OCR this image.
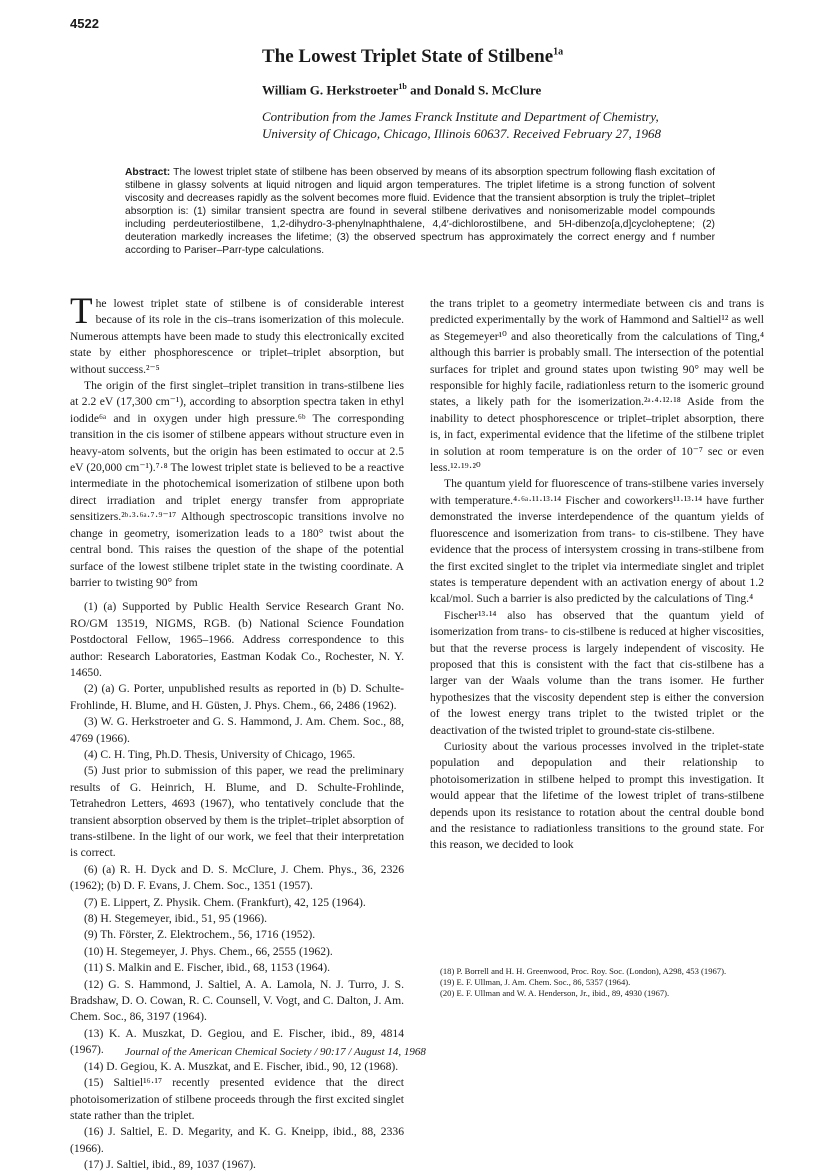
4522
The Lowest Triplet State of Stilbene$^{1a}$
William G. Herkstroeter$^{1b}$ and Donald S. McClure

Contribution from the James Franck Institute and Department of Chemistry,
University of Chicago, Chicago, Illinois 60637. Received February 27, 1968

Abstract: The lowest triplet state of stilbene has been observed by means of its absorption spectrum following flash excitation of stilbene in glassy solvents at liquid nitrogen and liquid argon temperatures. The triplet lifetime is a strong function of solvent viscosity and decreases rapidly as the solvent becomes more fluid. Evidence that the transient absorption is truly the triplet–triplet absorption is: (1) similar transient spectra are found in several stilbene derivatives and nonisomerizable model compounds including perdeuteriostilbene, 1,2-dihydro-3-phenylnaphthalene, 4,4′-dichlorostilbene, and 5H-dibenzo[a,d]cycloheptene; (2) deuteration markedly increases the lifetime; (3) the observed spectrum has approximately the correct energy and f number according to Pariser–Parr-type calculations.

The lowest triplet state of stilbene is of considerable interest because of its role in the cis–trans isomerization of this molecule. Numerous attempts have been made to study this electronically excited state by either phosphorescence or triplet–triplet absorption, but without success.²⁻⁵

The origin of the first singlet–triplet transition in trans-stilbene lies at 2.2 eV (17,300 cm⁻¹), according to absorption spectra taken in ethyl iodide⁶ᵃ and in oxygen under high pressure.⁶ᵇ The corresponding transition in the cis isomer of stilbene appears without structure even in heavy-atom solvents, but the origin has been estimated to occur at 2.5 eV (20,000 cm⁻¹).⁷·⁸ The lowest triplet state is believed to be a reactive intermediate in the photochemical isomerization of stilbene upon both direct irradiation and triplet energy transfer from appropriate sensitizers.²ᵇ·³·⁶ᵃ·⁷·⁹⁻¹⁷ Although spectroscopic transitions involve no change in geometry, isomerization leads to a 180° twist about the central bond. This raises the question of the shape of the potential surface of the lowest stilbene triplet state in the twisting coordinate. A barrier to twisting 90° from

(1) (a) Supported by Public Health Service Research Grant No. RO/GM 13519, NIGMS, RGB. (b) National Science Foundation Postdoctoral Fellow, 1965–1966. Address correspondence to this author: Research Laboratories, Eastman Kodak Co., Rochester, N. Y. 14650.

(2) (a) G. Porter, unpublished results as reported in (b) D. Schulte-Frohlinde, H. Blume, and H. Güsten, J. Phys. Chem., 66, 2486 (1962).

(3) W. G. Herkstroeter and G. S. Hammond, J. Am. Chem. Soc., 88, 4769 (1966).

(4) C. H. Ting, Ph.D. Thesis, University of Chicago, 1965.

(5) Just prior to submission of this paper, we read the preliminary results of G. Heinrich, H. Blume, and D. Schulte-Frohlinde, Tetrahedron Letters, 4693 (1967), who tentatively conclude that the transient absorption observed by them is the triplet–triplet absorption of trans-stilbene. In the light of our work, we feel that their interpretation is correct.

(6) (a) R. H. Dyck and D. S. McClure, J. Chem. Phys., 36, 2326 (1962); (b) D. F. Evans, J. Chem. Soc., 1351 (1957).

(7) E. Lippert, Z. Physik. Chem. (Frankfurt), 42, 125 (1964).

(8) H. Stegemeyer, ibid., 51, 95 (1966).

(9) Th. Förster, Z. Elektrochem., 56, 1716 (1952).

(10) H. Stegemeyer, J. Phys. Chem., 66, 2555 (1962).

(11) S. Malkin and E. Fischer, ibid., 68, 1153 (1964).

(12) G. S. Hammond, J. Saltiel, A. A. Lamola, N. J. Turro, J. S. Bradshaw, D. O. Cowan, R. C. Counsell, V. Vogt, and C. Dalton, J. Am. Chem. Soc., 86, 3197 (1964).

(13) K. A. Muszkat, D. Gegiou, and E. Fischer, ibid., 89, 4814 (1967).

(14) D. Gegiou, K. A. Muszkat, and E. Fischer, ibid., 90, 12 (1968).

(15) Saltiel¹⁶·¹⁷ recently presented evidence that the direct photoisomerization of stilbene proceeds through the first excited singlet state rather than the triplet.

(16) J. Saltiel, E. D. Megarity, and K. G. Kneipp, ibid., 88, 2336 (1966).

(17) J. Saltiel, ibid., 89, 1037 (1967).

the trans triplet to a geometry intermediate between cis and trans is predicted experimentally by the work of Hammond and Saltiel¹² as well as Stegemeyer¹⁰ and also theoretically from the calculations of Ting,⁴ although this barrier is probably small. The intersection of the potential surfaces for triplet and ground states upon twisting 90° may well be responsible for highly facile, radiationless return to the isomeric ground states, a likely path for the isomerization.²ᵃ·⁴·¹²·¹⁸ Aside from the inability to detect phosphorescence or triplet–triplet absorption, there is, in fact, experimental evidence that the lifetime of the stilbene triplet in solution at room temperature is on the order of 10⁻⁷ sec or even less.¹²·¹⁹·²⁰

The quantum yield for fluorescence of trans-stilbene varies inversely with temperature.⁴·⁶ᵃ·¹¹·¹³·¹⁴ Fischer and coworkers¹¹·¹³·¹⁴ have further demonstrated the inverse interdependence of the quantum yields of fluorescence and isomerization from trans- to cis-stilbene. They have evidence that the process of intersystem crossing in trans-stilbene from the first excited singlet to the triplet via intermediate singlet and triplet states is temperature dependent with an activation energy of about 1.2 kcal/mol. Such a barrier is also predicted by the calculations of Ting.⁴

Fischer¹³·¹⁴ also has observed that the quantum yield of isomerization from trans- to cis-stilbene is reduced at higher viscosities, but that the reverse process is largely independent of viscosity. He proposed that this is consistent with the fact that cis-stilbene has a larger van der Waals volume than the trans isomer. He further hypothesizes that the viscosity dependent step is either the conversion of the lowest energy trans triplet to the twisted triplet or the deactivation of the twisted triplet to ground-state cis-stilbene.

Curiosity about the various processes involved in the triplet-state population and depopulation and their relationship to photoisomerization in stilbene helped to prompt this investigation. It would appear that the lifetime of the lowest triplet of trans-stilbene depends upon its resistance to rotation about the central double bond and the resistance to radiationless transitions to the ground state. For this reason, we decided to look

(18) P. Borrell and H. H. Greenwood, Proc. Roy. Soc. (London), A298, 453 (1967).

(19) E. F. Ullman, J. Am. Chem. Soc., 86, 5357 (1964).

(20) E. F. Ullman and W. A. Henderson, Jr., ibid., 89, 4930 (1967).

Journal of the American Chemical Society / 90:17 / August 14, 1968
